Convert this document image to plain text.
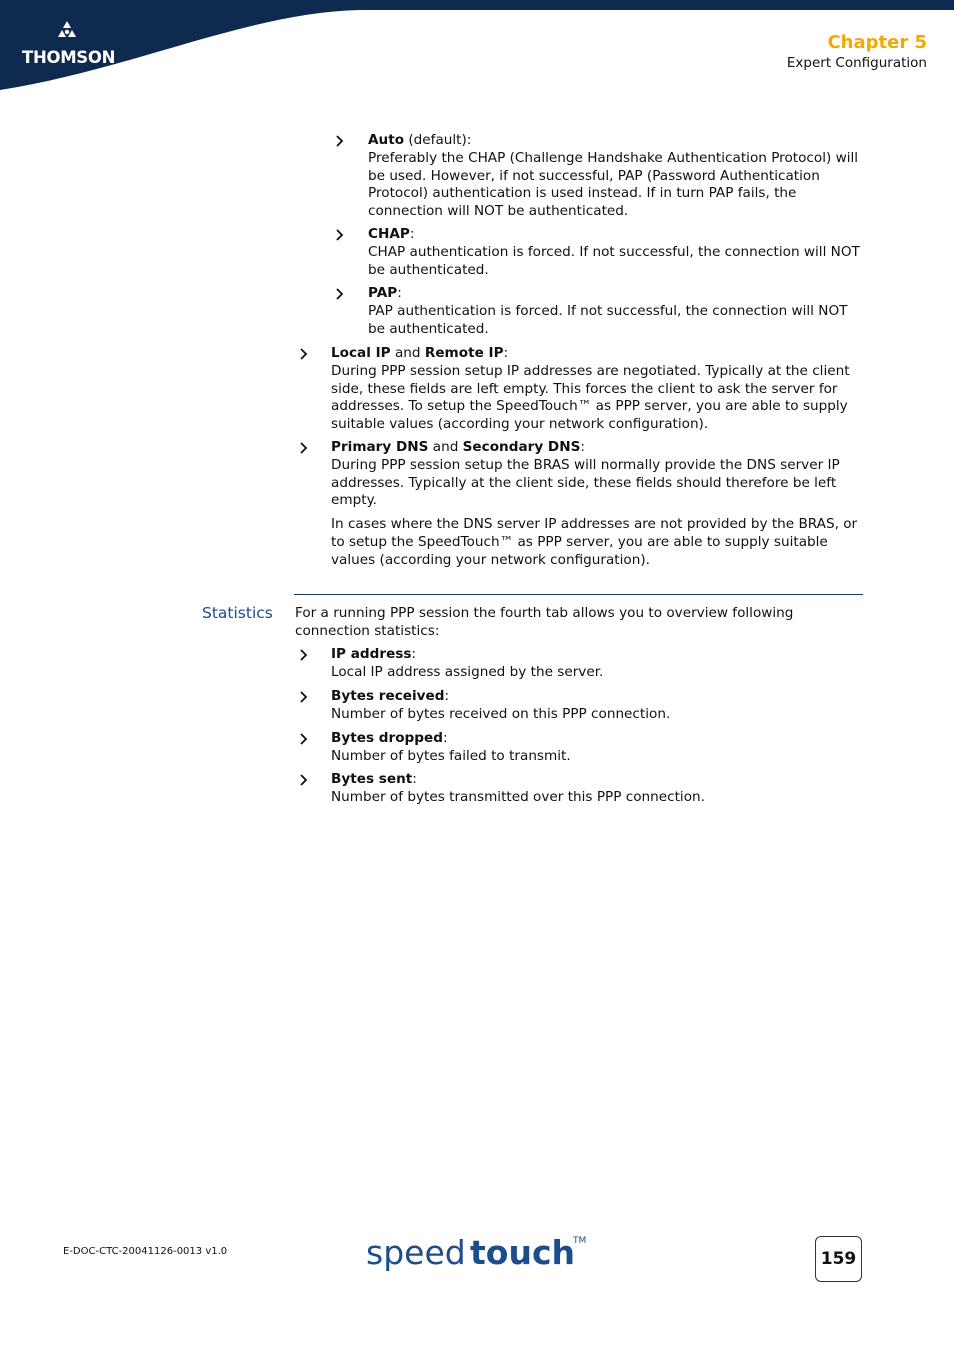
THOMSON
Chapter 5
Expert Configuration
Auto (default):
Preferably the CHAP (Challenge Handshake Authentication Protocol) will be used. However, if not successful, PAP (Password Authentication Protocol) authentication is used instead. If in turn PAP fails, the connection will NOT be authenticated.
CHAP:
CHAP authentication is forced. If not successful, the connection will NOT be authenticated.
PAP:
PAP authentication is forced. If not successful, the connection will NOT be authenticated.
Local IP and Remote IP:
During PPP session setup IP addresses are negotiated. Typically at the client side, these fields are left empty. This forces the client to ask the server for addresses. To setup the SpeedTouch™ as PPP server, you are able to supply suitable values (according your network configuration).
Primary DNS and Secondary DNS:
During PPP session setup the BRAS will normally provide the DNS server IP addresses. Typically at the client side, these fields should therefore be left empty.
In cases where the DNS server IP addresses are not provided by the BRAS, or to setup the SpeedTouch™ as PPP server, you are able to supply suitable values (according your network configuration).
Statistics For a running PPP session the fourth tab allows you to overview following connection statistics:
IP address:
Local IP address assigned by the server.
Bytes received:
Number of bytes received on this PPP connection.
Bytes dropped:
Number of bytes failed to transmit.
Bytes sent:
Number of bytes transmitted over this PPP connection.
E-DOC-CTC-20041126-0013 v1.0	speed touch
TM
159
